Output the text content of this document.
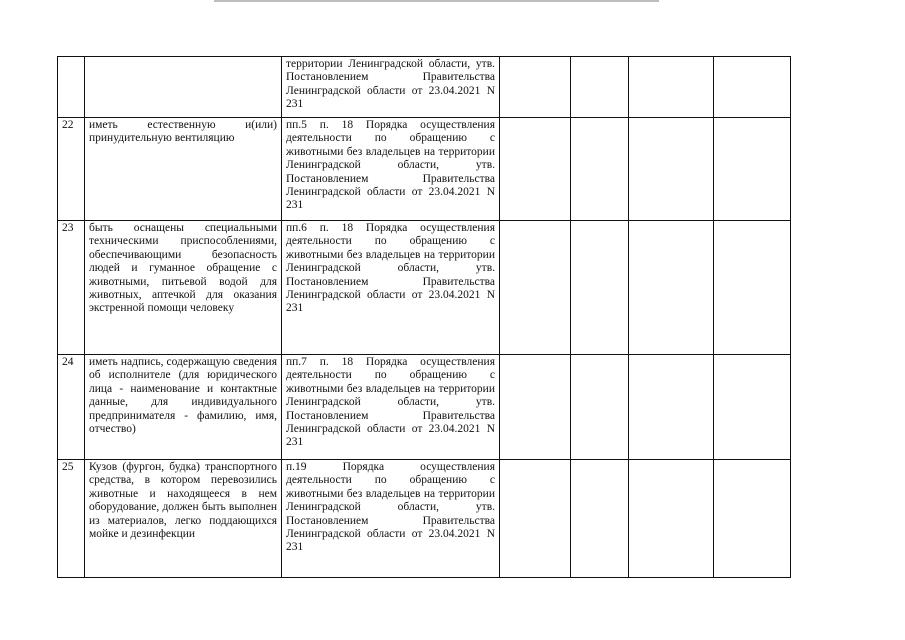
		территории Ленинградской области, утв. Постановлением Правительства Ленинградской области от 23.04.2021 N 231				
22	иметь естественную и(или) принудительную вентиляцию	пп.5 п. 18 Порядка осуществления деятельности по обращению с животными без владельцев на территории Ленинградской области, утв. Постановлением Правительства Ленинградской области от 23.04.2021 N 231				
23	быть оснащены специальными техническими приспособлениями, обеспечивающими безопасность людей и гуманное обращение с животными, питьевой водой для животных, аптечкой для оказания экстренной помощи человеку	пп.6 п. 18 Порядка осуществления деятельности по обращению с животными без владельцев на территории Ленинградской области, утв. Постановлением Правительства Ленинградской области от 23.04.2021 N 231				
24	иметь надпись, содержащую сведения об исполнителе (для юридического лица - наименование и контактные данные, для индивидуального предпринимателя - фамилию, имя, отчество)	пп.7 п. 18 Порядка осуществления деятельности по обращению с животными без владельцев на территории Ленинградской области, утв. Постановлением Правительства Ленинградской области от 23.04.2021 N 231				
25	Кузов (фургон, будка) транспортного средства, в котором перевозились животные и находящееся в нем оборудование, должен быть выполнен из материалов, легко поддающихся мойке и дезинфекции	п.19 Порядка осуществления деятельности по обращению с животными без владельцев на территории Ленинградской области, утв. Постановлением Правительства Ленинградской области от 23.04.2021 N 231				
